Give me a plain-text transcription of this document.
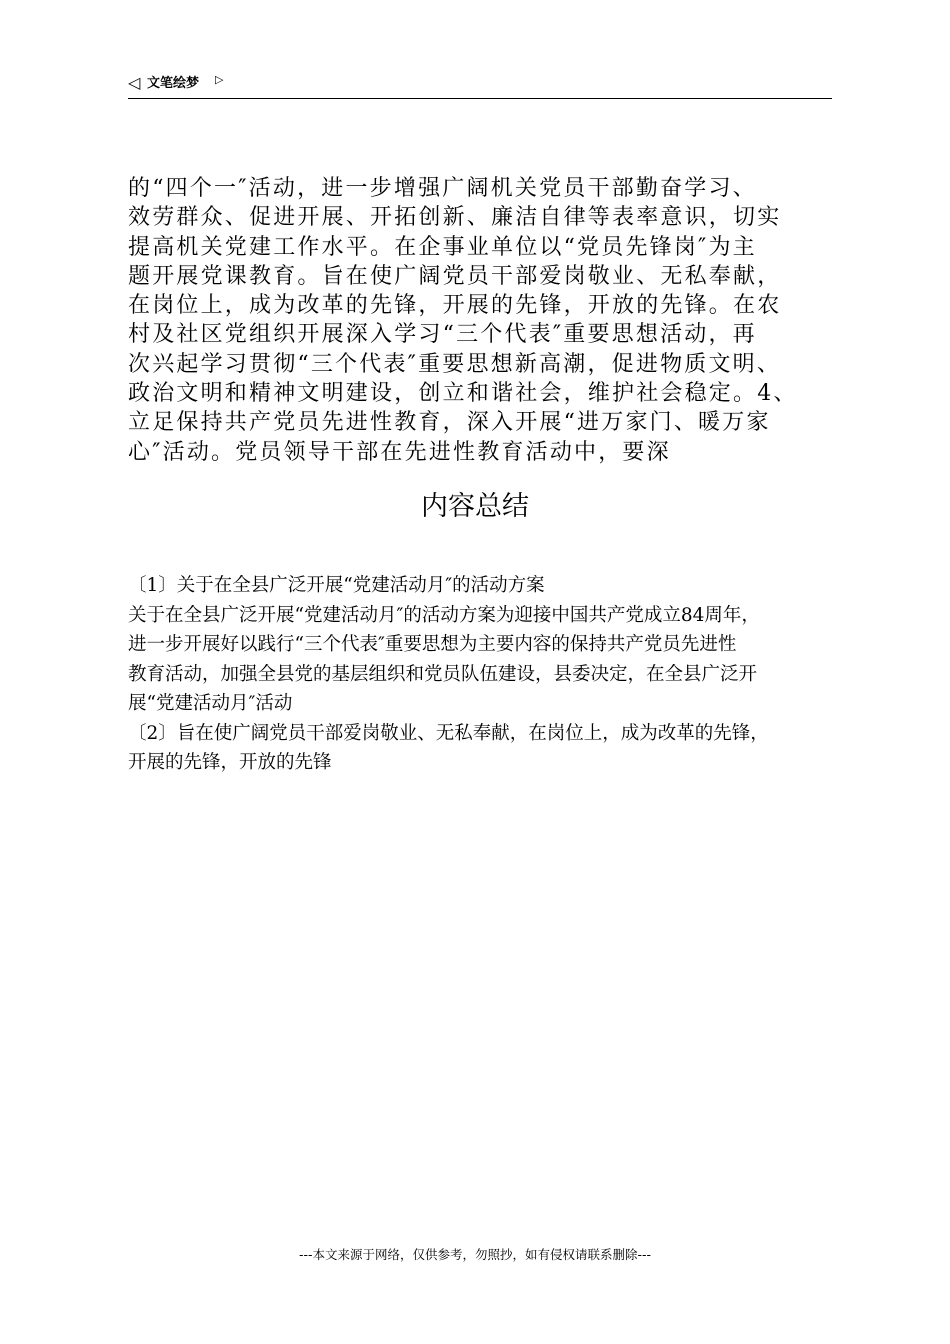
◁ 文笔绘梦 ▷
的“四个一″活动，进一步增强广阔机关党员干部勤奋学习、
效劳群众、促进开展、开拓创新、廉洁自律等表率意识，切实
提高机关党建工作水平。在企事业单位以“党员先锋岗″为主
题开展党课教育。旨在使广阔党员干部爱岗敬业、无私奉献，
在岗位上，成为改革的先锋，开展的先锋，开放的先锋。在农
村及社区党组织开展深入学习“三个代表″重要思想活动，再
次兴起学习贯彻“三个代表″重要思想新高潮，促进物质文明、
政治文明和精神文明建设，创立和谐社会，维护社会稳定。4、
立足保持共产党员先进性教育，深入开展“进万家门、暖万家
心″活动。党员领导干部在先进性教育活动中，要深
内容总结
〔1〕关于在全县广泛开展“党建活动月″的活动方案
关于在全县广泛开展“党建活动月″的活动方案为迎接中国共产党成立84周年，
进一步开展好以践行“三个代表″重要思想为主要内容的保持共产党员先进性
教育活动，加强全县党的基层组织和党员队伍建设，县委决定，在全县广泛开
展“党建活动月″活动
〔2〕旨在使广阔党员干部爱岗敬业、无私奉献，在岗位上，成为改革的先锋，
开展的先锋，开放的先锋
---本文来源于网络，仅供参考，勿照抄，如有侵权请联系删除---
